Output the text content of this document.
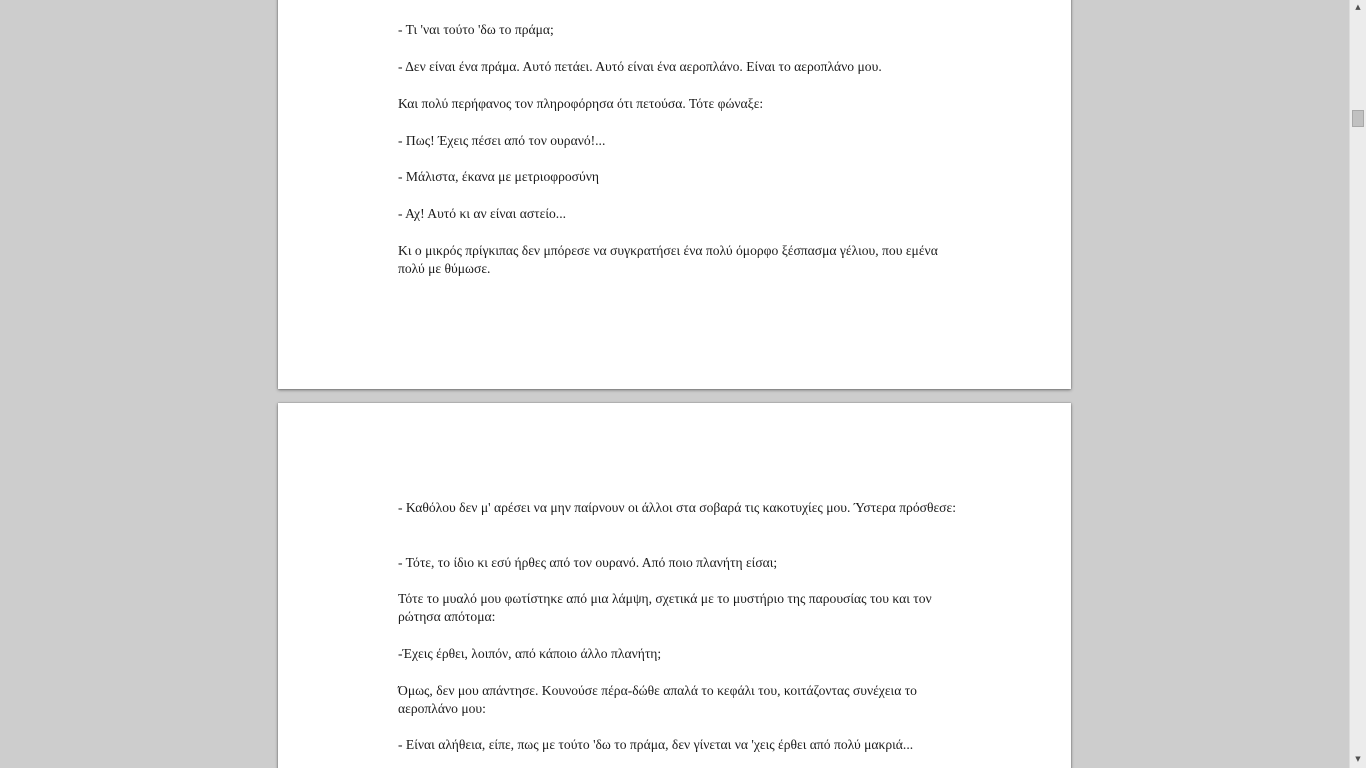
- Τι 'ναι τούτο 'δω το πράμα;

- Δεν είναι ένα πράμα. Αυτό πετάει. Αυτό είναι ένα αεροπλάνο. Είναι το αεροπλάνο μου.

Και πολύ περήφανος τον πληροφόρησα ότι πετούσα. Τότε φώναξε:

- Πως! Έχεις πέσει από τον ουρανό!...

- Μάλιστα, έκανα με μετριοφροσύνη

- Αχ! Αυτό κι αν είναι αστείο...

Κι ο μικρός πρίγκιπας δεν μπόρεσε να συγκρατήσει ένα πολύ όμορφο ξέσπασμα γέλιου, που εμένα πολύ με θύμωσε.

- Καθόλου δεν μ' αρέσει να μην παίρνουν οι άλλοι στα σοβαρά τις κακοτυχίες μου. Ύστερα πρόσθεσε:

- Τότε, το ίδιο κι εσύ ήρθες από τον ουρανό. Από ποιο πλανήτη είσαι;

Τότε το μυαλό μου φωτίστηκε από μια λάμψη, σχετικά με το μυστήριο της παρουσίας του και τον ρώτησα απότομα:

-Έχεις έρθει, λοιπόν, από κάποιο άλλο πλανήτη;

Όμως, δεν μου απάντησε. Κουνούσε πέρα-δώθε απαλά το κεφάλι του, κοιτάζοντας συνέχεια το αεροπλάνο μου:

- Είναι αλήθεια, είπε, πως με τούτο 'δω το πράμα, δεν γίνεται να 'χεις έρθει από πολύ μακριά...

▲
▼
